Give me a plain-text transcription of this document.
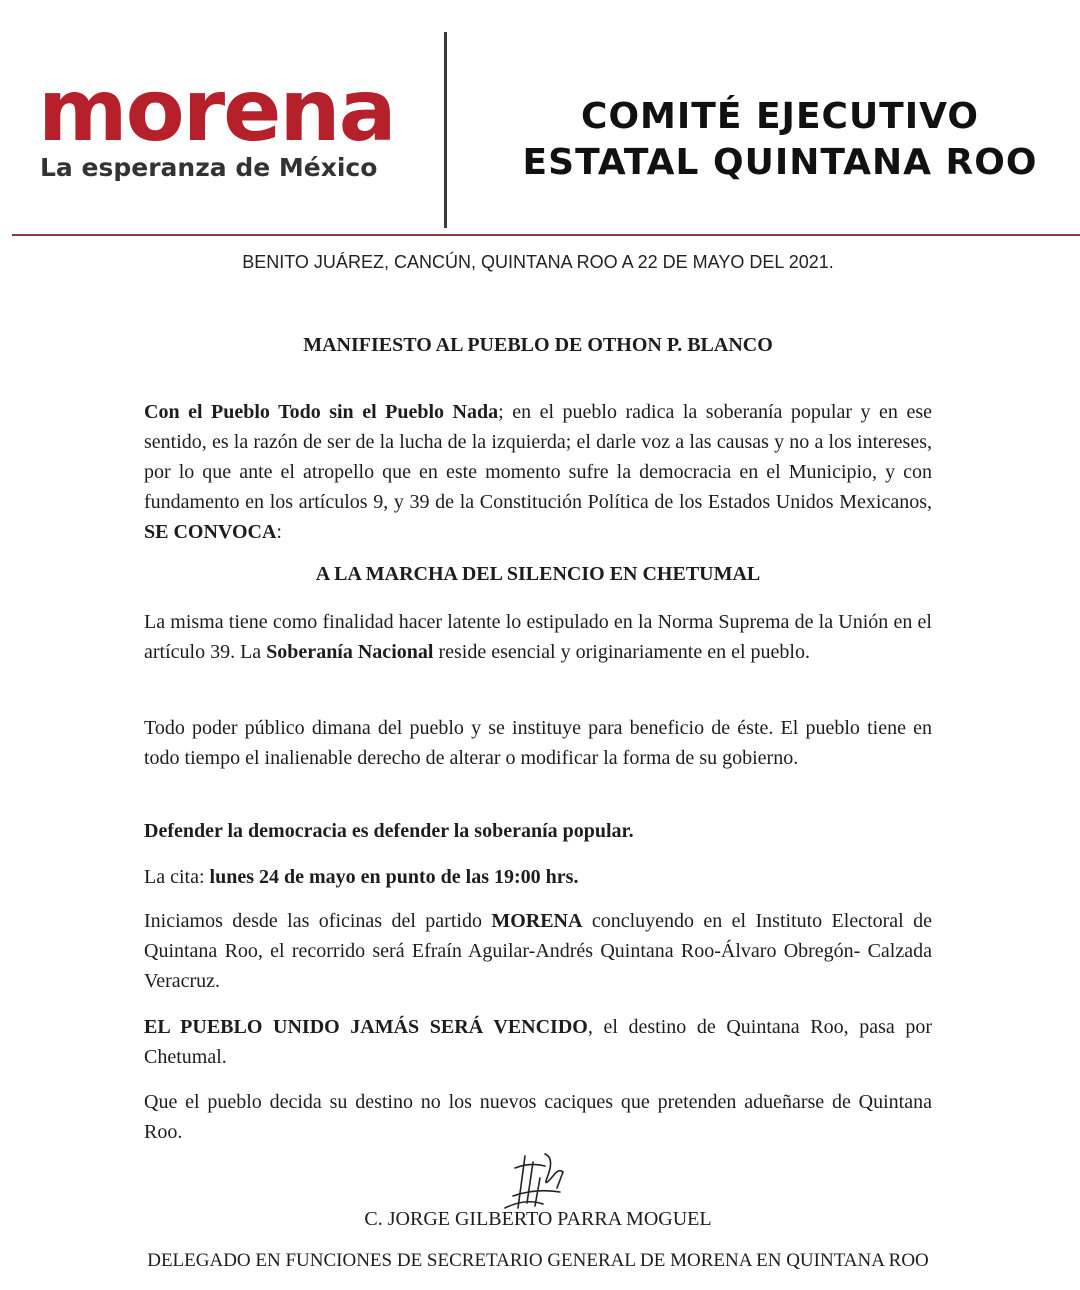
morena
La esperanza de México
COMITÉ EJECUTIVO
ESTATAL QUINTANA ROO
BENITO JUÁREZ, CANCÚN, QUINTANA ROO A 22 DE MAYO DEL 2021.
MANIFIESTO AL PUEBLO DE OTHON P. BLANCO

Con el Pueblo Todo sin el Pueblo Nada; en el pueblo radica la soberanía popular y en ese sentido, es la razón de ser de la lucha de la izquierda; el darle voz a las causas y no a los intereses, por lo que ante el atropello que en este momento sufre la democracia en el Municipio, y con fundamento en los artículos 9, y 39 de la Constitución Política de los Estados Unidos Mexicanos, SE CONVOCA:

A LA MARCHA DEL SILENCIO EN CHETUMAL

La misma tiene como finalidad hacer latente lo estipulado en la Norma Suprema de la Unión en el artículo 39. La Soberanía Nacional reside esencial y originariamente en el pueblo.

Todo poder público dimana del pueblo y se instituye para beneficio de éste. El pueblo tiene en todo tiempo el inalienable derecho de alterar o modificar la forma de su gobierno.

Defender la democracia es defender la soberanía popular.

La cita: lunes 24 de mayo en punto de las 19:00 hrs.

Iniciamos desde las oficinas del partido MORENA concluyendo en el Instituto Electoral de Quintana Roo, el recorrido será Efraín Aguilar-Andrés Quintana Roo-Álvaro Obregón- Calzada Veracruz.

EL PUEBLO UNIDO JAMÁS SERÁ VENCIDO, el destino de Quintana Roo, pasa por Chetumal.

Que el pueblo decida su destino no los nuevos caciques que pretenden adueñarse de Quintana Roo.

C. JORGE GILBERTO PARRA MOGUEL
DELEGADO EN FUNCIONES DE SECRETARIO GENERAL DE MORENA EN QUINTANA ROO
